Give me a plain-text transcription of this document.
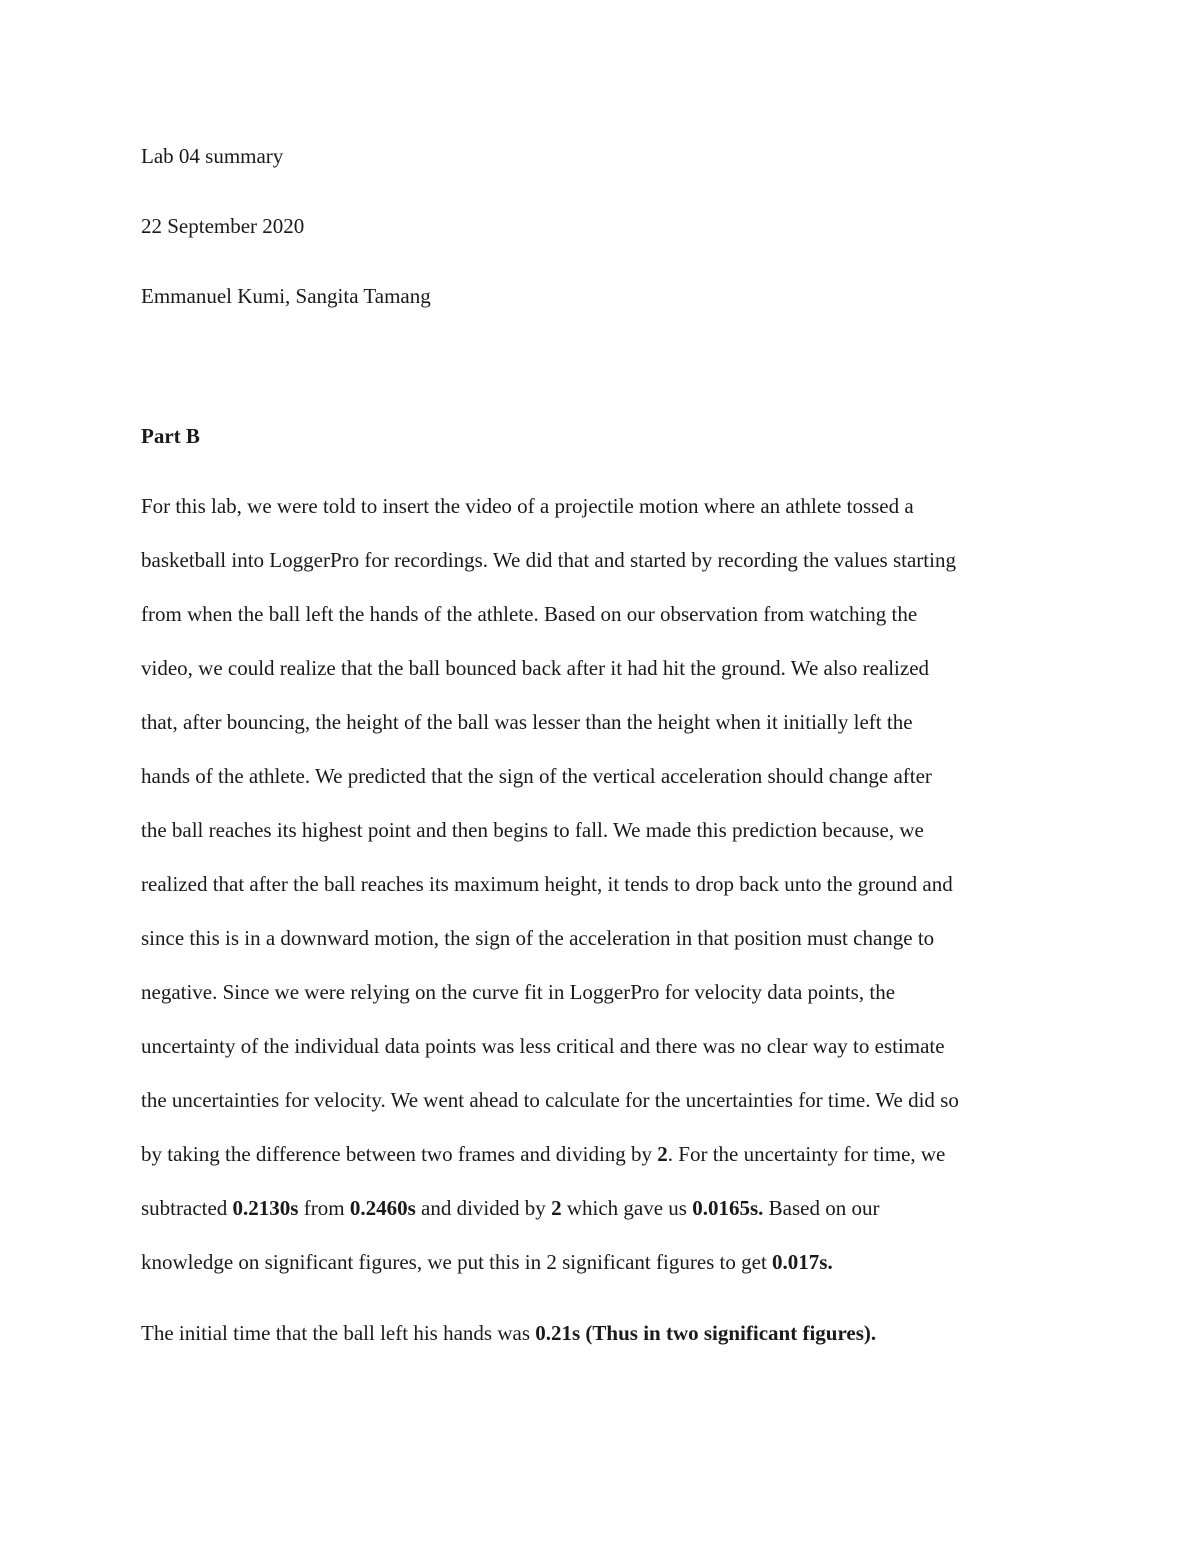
Lab 04 summary
22 September 2020
Emmanuel Kumi, Sangita Tamang
Part B
For this lab, we were told to insert the video of a projectile motion where an athlete tossed a
basketball into LoggerPro for recordings. We did that and started by recording the values starting
from when the ball left the hands of the athlete. Based on our observation from watching the
video, we could realize that the ball bounced back after it had hit the ground. We also realized
that, after bouncing, the height of the ball was lesser than the height when it initially left the
hands of the athlete. We predicted that the sign of the vertical acceleration should change after
the ball reaches its highest point and then begins to fall. We made this prediction because, we
realized that after the ball reaches its maximum height, it tends to drop back unto the ground and
since this is in a downward motion, the sign of the acceleration in that position must change to
negative. Since we were relying on the curve fit in LoggerPro for velocity data points, the
uncertainty of the individual data points was less critical and there was no clear way to estimate
the uncertainties for velocity. We went ahead to calculate for the uncertainties for time. We did so
by taking the difference between two frames and dividing by 2. For the uncertainty for time, we
subtracted 0.2130s from 0.2460s and divided by 2 which gave us 0.0165s. Based on our
knowledge on significant figures, we put this in 2 significant figures to get 0.017s.
The initial time that the ball left his hands was 0.21s (Thus in two significant figures).
